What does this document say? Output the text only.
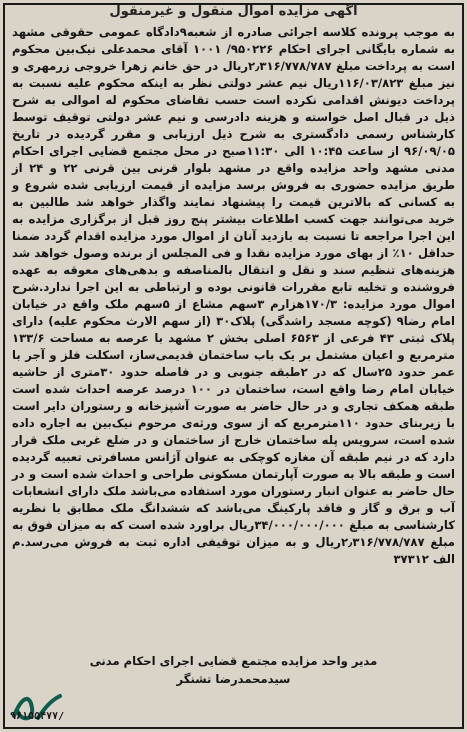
آگهی مزایده اموال منقول و غیرمنقول
به موجب پرونده کلاسه اجرائی صادره از شعبه۹دادگاه عمومی حقوقی مشهد به شماره بایگانی اجرای احکام ۹۵۰۲۲۶/ ۱۰۰۱ آقای محمدعلی نیک‌بین محکوم است به پرداخت مبلغ ۲٫۳۱۶/۷۷۸/۷۸۷ریال در حق خانم زهرا خروجی زرمهری و نیز مبلغ ۱۱۶/۰۳/۸۲۳ریال نیم عشر دولتی نظر به اینکه محکوم علیه نسبت به پرداخت دیونش اقدامی نکرده است حسب تقاضای محکوم له اموالی به شرح ذیل در قبال اصل خواسته و هزینه دادرسی و نیم عشر دولتی توقیف توسط کارشناس رسمی دادگستری به شرح ذیل ارزیابی و مقرر گردیده در تاریخ ۹۶/۰۹/۰۵ از ساعت ۱۰:۴۵ الی ۱۱:۳۰صبح در محل مجتمع قضایی اجرای احکام مدنی مشهد واحد مزایده واقع در مشهد بلوار قرنی بین قرنی ۲۲ و ۲۴ از طریق مزایده حضوری به فروش برسد مزایده از قیمت ارزیابی شده شروع و به کسانی که بالاترین قیمت را پیشنهاد نمایند واگذار خواهد شد طالبین به خرید می‌توانند جهت کسب اطلاعات بیشتر پنج روز قبل از برگزاری مزایده به این اجرا مراجعه تا نسبت به بازدید آنان از اموال مورد مزایده اقدام گردد ضمنا حداقل ۱۰٪ از بهای مورد مزایده نقدا و فی المجلس از برنده وصول خواهد شد هزینه‌های تنظیم سند و نقل و انتقال بالمناصفه و بدهی‌های معوقه به عهده فروشنده و تخلیه تابع مقررات قانونی بوده و ارتباطی به این اجرا ندارد.شرح اموال مورد مزایده: ۱۷۰/۳هزارم ۳سهم مشاع از ۵سهم ملک واقع در خیابان امام رضا۹ (کوچه مسجد راشدگی) پلاک۳۰ (از سهم الارث محکوم علیه) دارای پلاک ثبتی ۴۳ فرعی از ۶۵۶۳ اصلی بخش ۲ مشهد با عرصه به مساحت ۱۳۳/۶ مترمربع و اعیان مشتمل بر یک باب ساختمان قدیمی‌ساز، اسکلت فلز و آجر با عمر حدود ۲۵سال که در ۲طبقه جنوبی و در فاصله حدود ۳۰متری از حاشیه خیابان امام رضا واقع است، ساختمان در ۱۰۰ درصد عرصه احداث شده است طبقه همکف تجاری و در حال حاضر به صورت آشپزخانه و رستوران دایر است با زیربنای حدود ۱۱۰مترمربع که از سوی ورثه‌ی مرحوم نیک‌بین به اجاره داده شده است، سرویس پله ساختمان خارج از ساختمان و در ضلع غربی ملک قرار دارد که در نیم طبقه آن مغازه کوچکی به عنوان آژانس مسافرتی تعبیه گردیده است و طبقه بالا به صورت آپارتمان مسکونی طراحی و احداث شده است و در حال حاضر به عنوان انبار رستوران مورد استفاده می‌باشد ملک دارای انشعابات آب و برق و گاز و فاقد پارکینگ می‌باشد که ششدانگ ملک مطابق با نظریه کارشناسی به مبلغ ۳۴/۰۰۰/۰۰۰/۰۰۰ریال براورد شده است که به میزان فوق به مبلغ ۲٫۳۱۶/۷۷۸/۷۸۷ریال و به میزان توقیفی اداره ثبت به فروش می‌رسد.م الف ۳۷۳۱۲
مدیر واحد مزایده مجتمع قضایی اجرای احکام مدنی
سیدمحمدرضا تشنگر
۹۶۱۵۵۴۷۷/
